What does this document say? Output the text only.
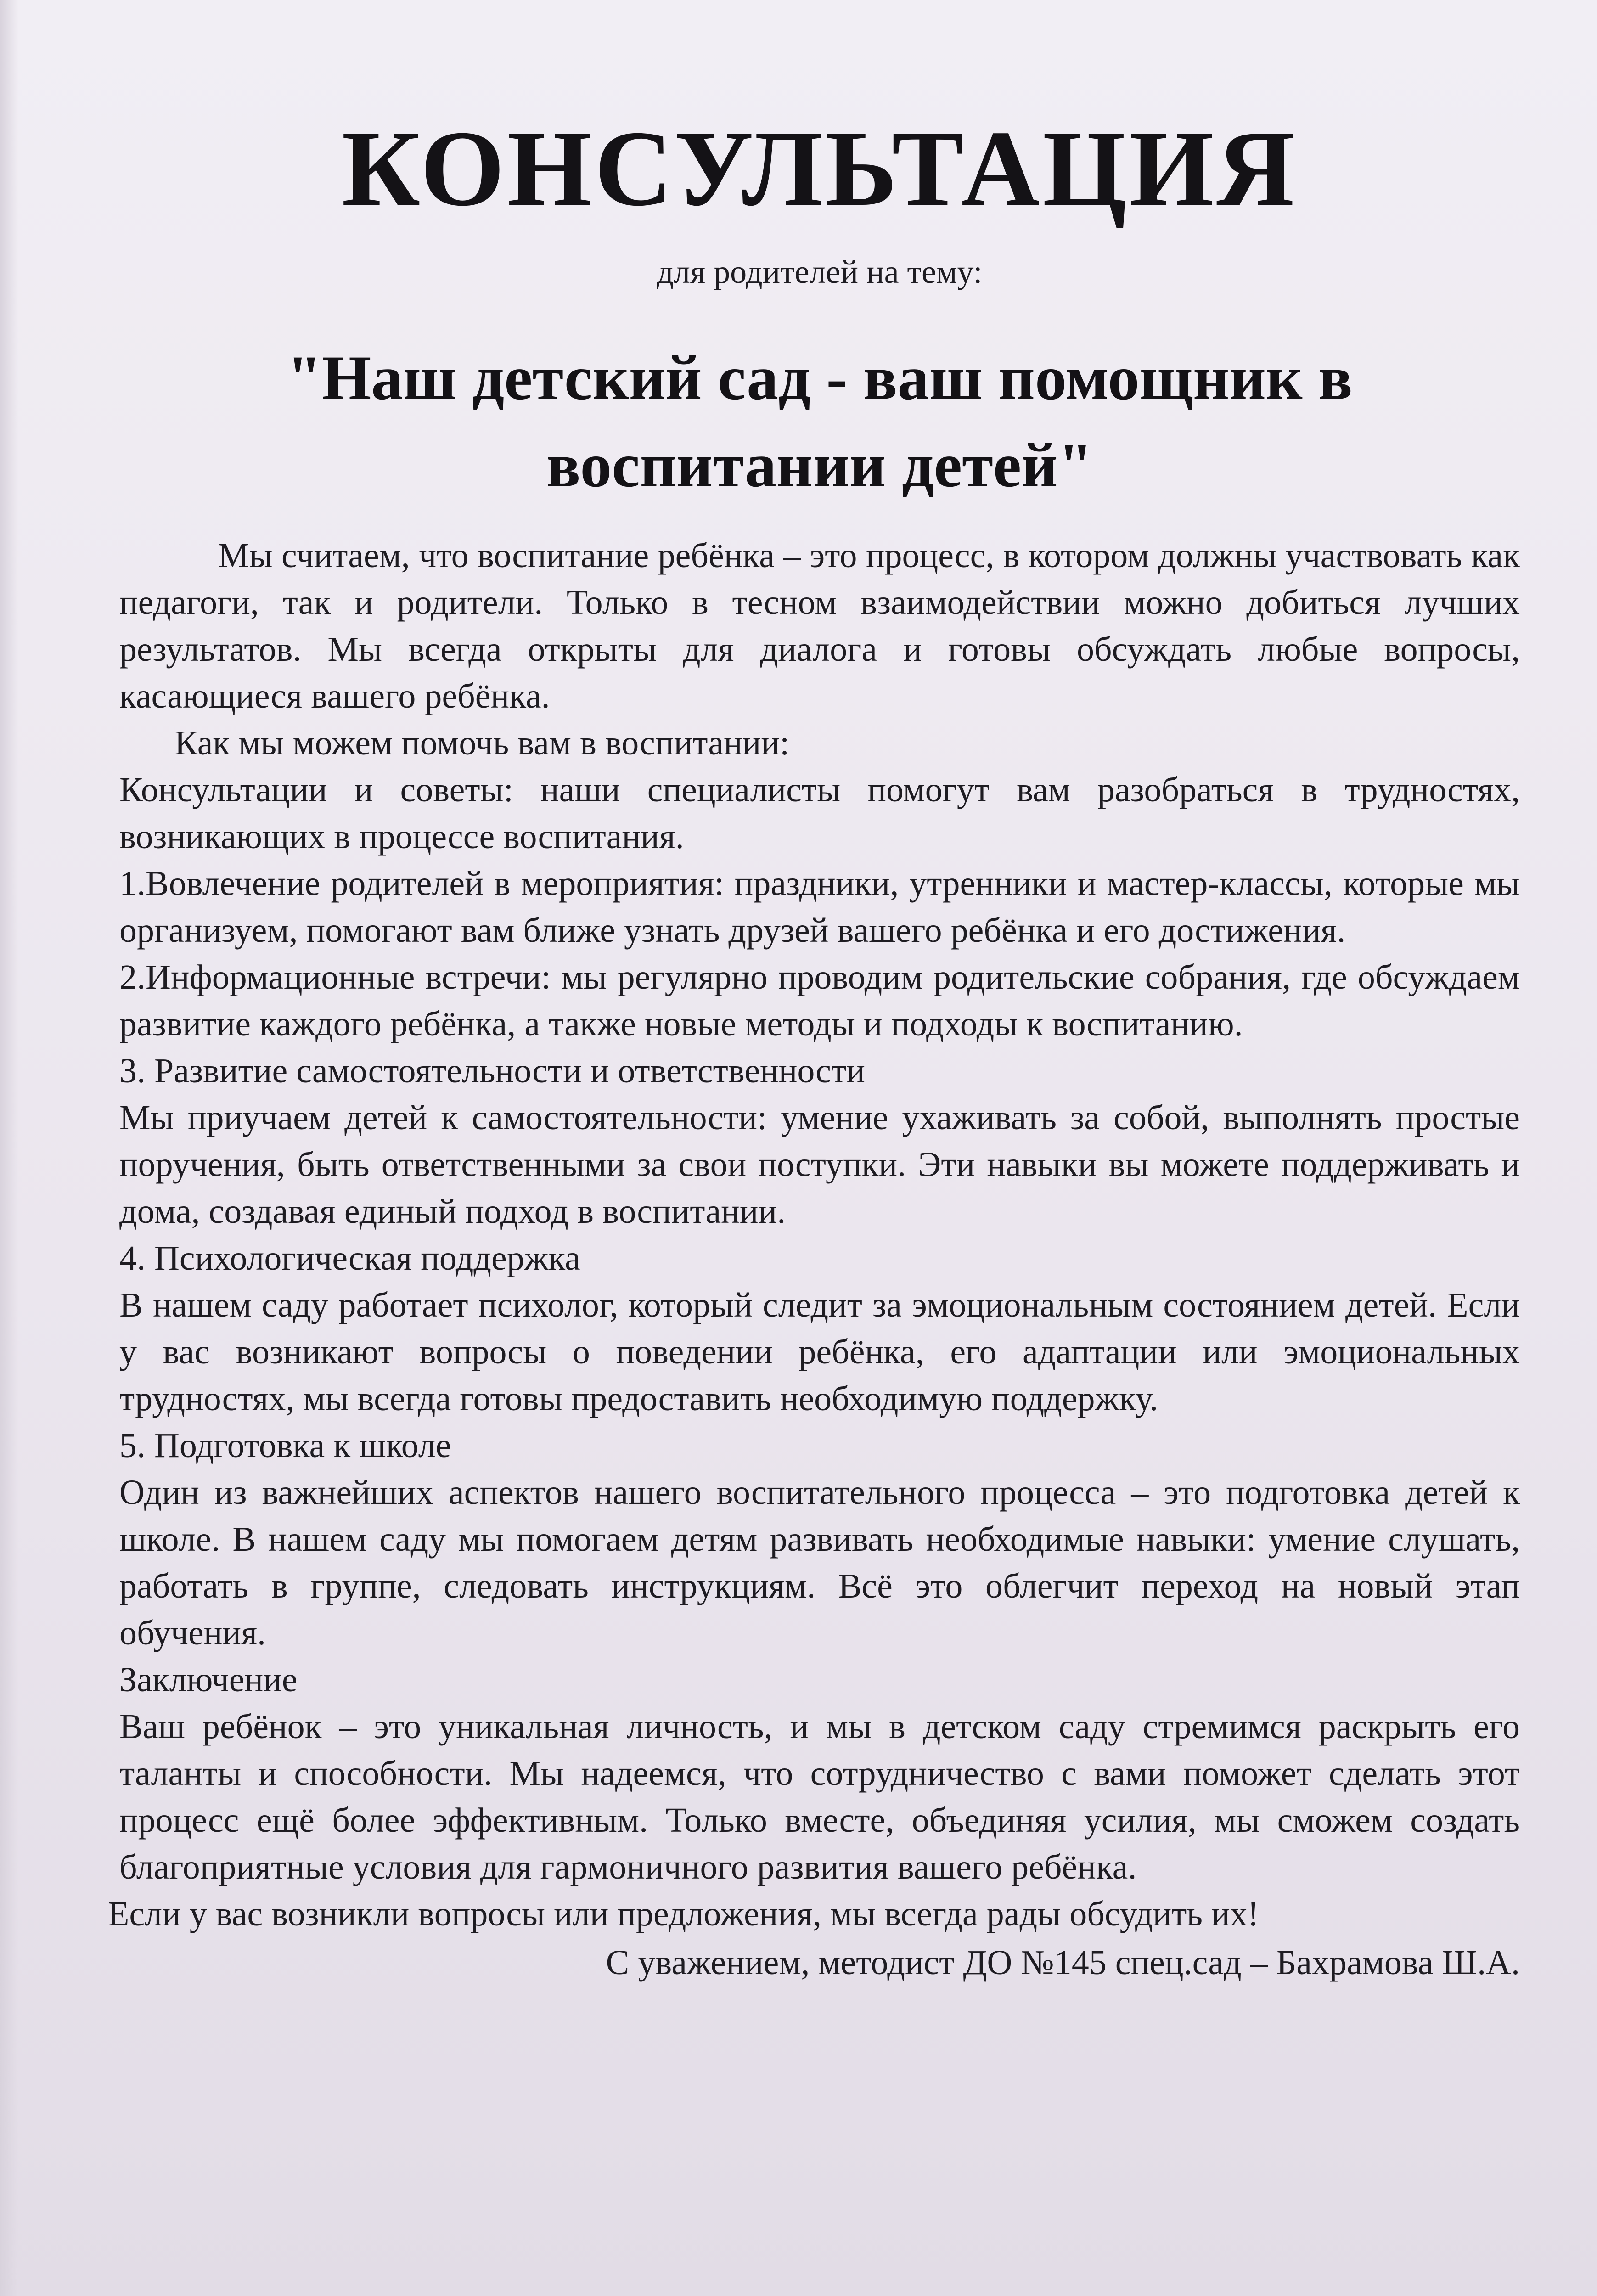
КОНСУЛЬТАЦИЯ
для родителей на тему:
"Наш детский сад - ваш помощник в воспитании детей"

Мы считаем, что воспитание ребёнка – это процесс, в котором должны участвовать как педагоги, так и родители. Только в тесном взаимодействии можно добиться лучших результатов. Мы всегда открыты для диалога и готовы обсуждать любые вопросы, касающиеся вашего ребёнка.

Как мы можем помочь вам в воспитании:

Консультации и советы: наши специалисты помогут вам разобраться в трудностях, возникающих в процессе воспитания.

1.Вовлечение родителей в мероприятия: праздники, утренники и мастер-классы, которые мы организуем, помогают вам ближе узнать друзей вашего ребёнка и его достижения.

2.Информационные встречи: мы регулярно проводим родительские собрания, где обсуждаем развитие каждого ребёнка, а также новые методы и подходы к воспитанию.

3. Развитие самостоятельности и ответственности

Мы приучаем детей к самостоятельности: умение ухаживать за собой, выполнять простые поручения, быть ответственными за свои поступки. Эти навыки вы можете поддерживать и дома, создавая единый подход в воспитании.

4. Психологическая поддержка

В нашем саду работает психолог, который следит за эмоциональным состоянием детей. Если у вас возникают вопросы о поведении ребёнка, его адаптации или эмоциональных трудностях, мы всегда готовы предоставить необходимую поддержку.

5. Подготовка к школе

Один из важнейших аспектов нашего воспитательного процесса – это подготовка детей к школе. В нашем саду мы помогаем детям развивать необходимые навыки: умение слушать, работать в группе, следовать инструкциям. Всё это облегчит переход на новый этап обучения.

Заключение

Ваш ребёнок – это уникальная личность, и мы в детском саду стремимся раскрыть его таланты и способности. Мы надеемся, что сотрудничество с вами поможет сделать этот процесс ещё более эффективным. Только вместе, объединяя усилия, мы сможем создать благоприятные условия для гармоничного развития вашего ребёнка.

Если у вас возникли вопросы или предложения, мы всегда рады обсудить их!

С уважением, методист ДО №145 спец.сад – Бахрамова Ш.А.
